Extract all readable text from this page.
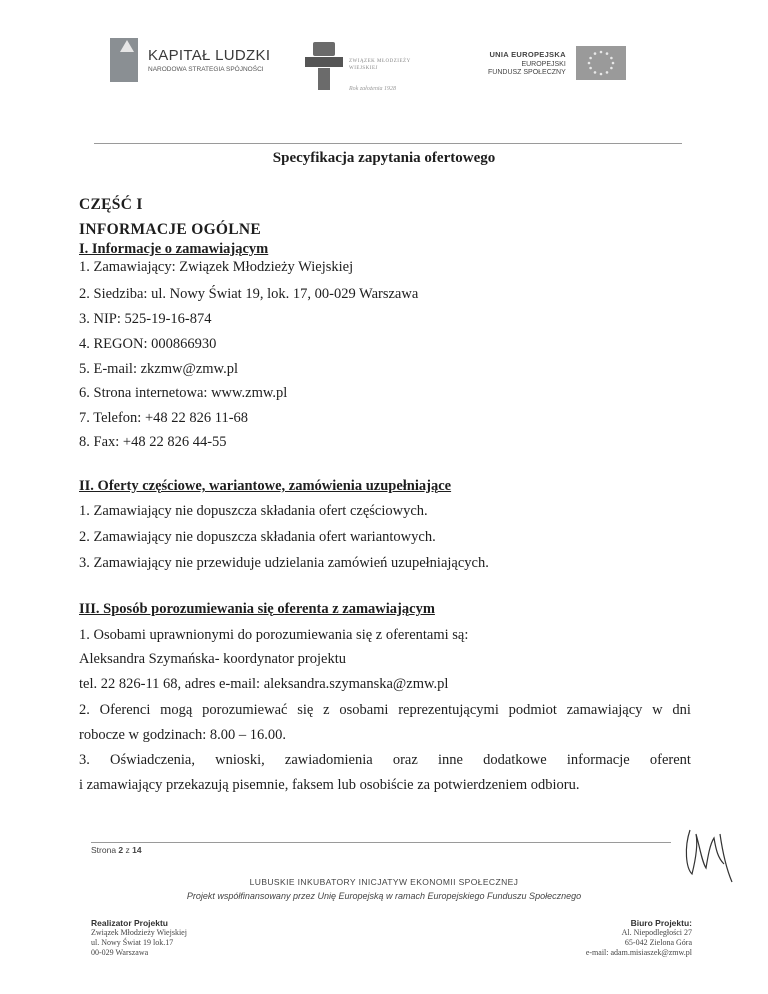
KAPITAŁ LUDZKI
NARODOWA STRATEGIA SPÓJNOŚCI
ZWIĄZEK MŁODZIEŻY
WIEJSKIEJ
Rok założenia 1928
UNIA EUROPEJSKA
EUROPEJSKI
FUNDUSZ SPOŁECZNY
Specyfikacja zapytania ofertowego
CZĘŚĆ I
INFORMACJE OGÓLNE
I. Informacje o zamawiającym
1. Zamawiający: Związek Młodzieży Wiejskiej
2. Siedziba: ul. Nowy Świat 19, lok. 17, 00-029 Warszawa
3. NIP: 525-19-16-874
4. REGON: 000866930
5. E-mail: zkzmw@zmw.pl
6. Strona internetowa: www.zmw.pl
7. Telefon: +48 22 826 11-68
8. Fax: +48 22 826 44-55
II. Oferty częściowe, wariantowe, zamówienia uzupełniające
1. Zamawiający nie dopuszcza składania ofert częściowych.
2. Zamawiający nie dopuszcza składania ofert wariantowych.
3. Zamawiający nie przewiduje udzielania zamówień uzupełniających.
III. Sposób porozumiewania się oferenta z zamawiającym
1. Osobami uprawnionymi do porozumiewania się z oferentami są:
Aleksandra Szymańska- koordynator projektu
tel. 22 826-11 68, adres e-mail: aleksandra.szymanska@zmw.pl
2. Oferenci mogą porozumiewać się z osobami reprezentującymi podmiot zamawiający w dni
robocze w godzinach: 8.00 – 16.00.
3. Oświadczenia, wnioski, zawiadomienia oraz inne dodatkowe informacje oferent
i zamawiający przekazują pisemnie, faksem lub osobiście za potwierdzeniem odbioru.
Strona 2 z 14
LUBUSKIE INKUBATORY INICJATYW EKONOMII SPOŁECZNEJ
Projekt współfinansowany przez Unię Europejską w ramach Europejskiego Funduszu Społecznego
Realizator Projektu
Związek Młodzieży Wiejskiej
ul. Nowy Świat 19 lok.17
00-029 Warszawa
Biuro Projektu:
Al. Niepodległości 27
65-042 Zielona Góra
e-mail: adam.misiaszek@zmw.pl
